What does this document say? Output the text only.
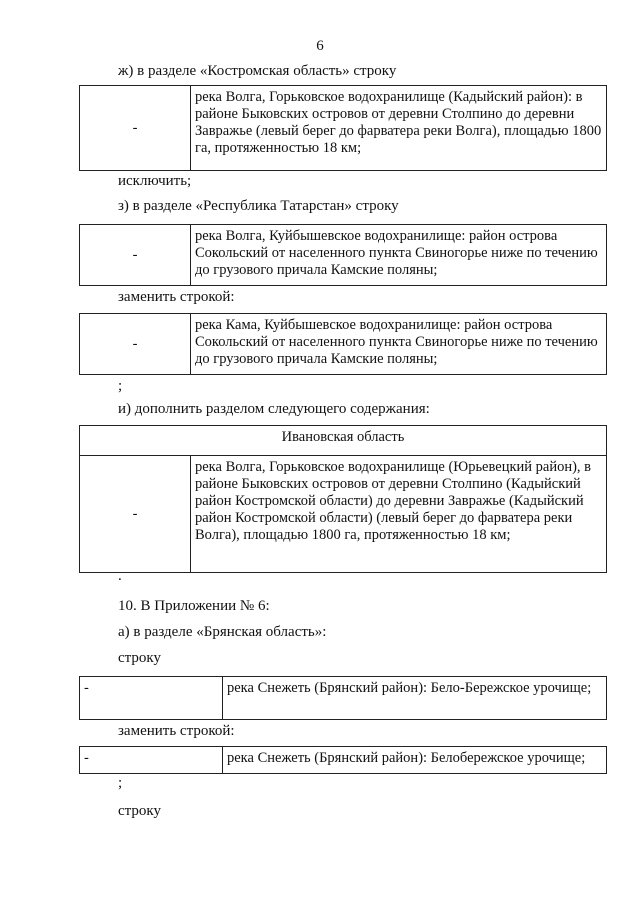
6
ж) в разделе «Костромская область» строку
-	река Волга, Горьковское водохранилище (Кадыйский район): в районе Быковских островов от деревни Столпино до деревни Завражье (левый берег до фарватера реки Волга), площадью 1800 га, протяженностью 18 км;
исключить;
з) в разделе «Республика Татарстан» строку
-	река Волга, Куйбышевское водохранилище: район острова Сокольский от населенного пункта Свиногорье ниже по течению до грузового причала Камские поляны;
заменить строкой:
-	река Кама, Куйбышевское водохранилище: район острова Сокольский от населенного пункта Свиногорье ниже по течению до грузового причала Камские поляны;
;
и) дополнить разделом следующего содержания:
Ивановская область
-	река Волга, Горьковское водохранилище (Юрьевецкий район), в районе Быковских островов от деревни Столпино (Кадыйский район Костромской области) до деревни Завражье (Кадыйский район Костромской области) (левый берег до фарватера реки Волга), площадью 1800 га, протяженностью 18 км;
.
10. В Приложении № 6:
а) в разделе «Брянская область»:
строку
-	река Снежеть (Брянский район): Бело-Бережское урочище;
заменить строкой:
-	река Снежеть (Брянский район): Белобережское урочище;
;
строку
